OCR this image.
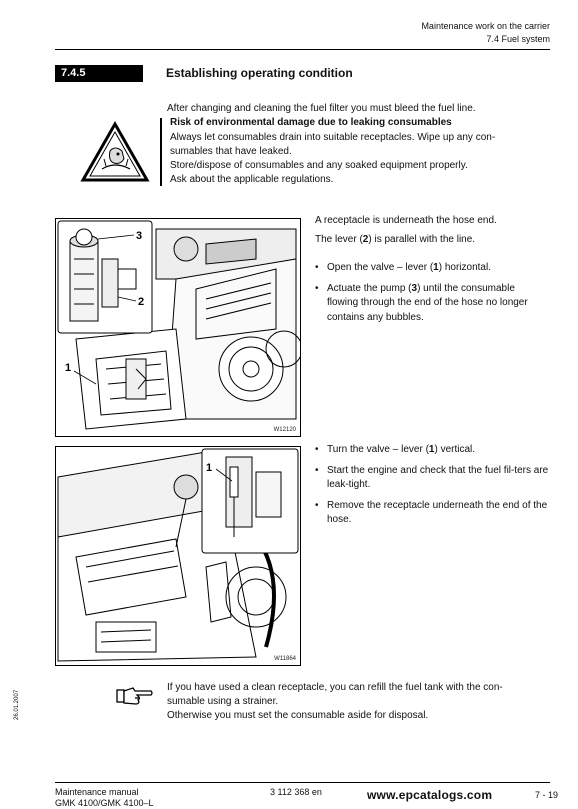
Maintenance work on the carrier
7.4 Fuel system
7.4.5	Establishing operating condition
After changing and cleaning the fuel filter you must bleed the fuel line.
Risk of environmental damage due to leaking consumables
Always let consumables drain into suitable receptacles. Wipe up any con-
sumables that have leaked.
Store/dispose of consumables and any soaked equipment properly.
Ask about the applicable regulations.
3
2
1
W12120
A receptacle is underneath the hose end.
The lever (2) is parallel with the line.
• Open the valve – lever (1) horizontal.
• Actuate the pump (3) until the consumable flowing through the end of the hose no longer contains any bubbles.
1
W11864
• Turn the valve – lever (1) vertical.
• Start the engine and check that the fuel fil-ters are leak-tight.
• Remove the receptacle underneath the end of the hose.
If you have used a clean receptacle, you can refill the fuel tank with the con-
sumable using a strainer.
Otherwise you must set the consumable aside for disposal.
26.01.2007
Maintenance manual
GMK 4100/GMK 4100–L
3 112 368 en	www.epcatalogs.com	7 - 19
